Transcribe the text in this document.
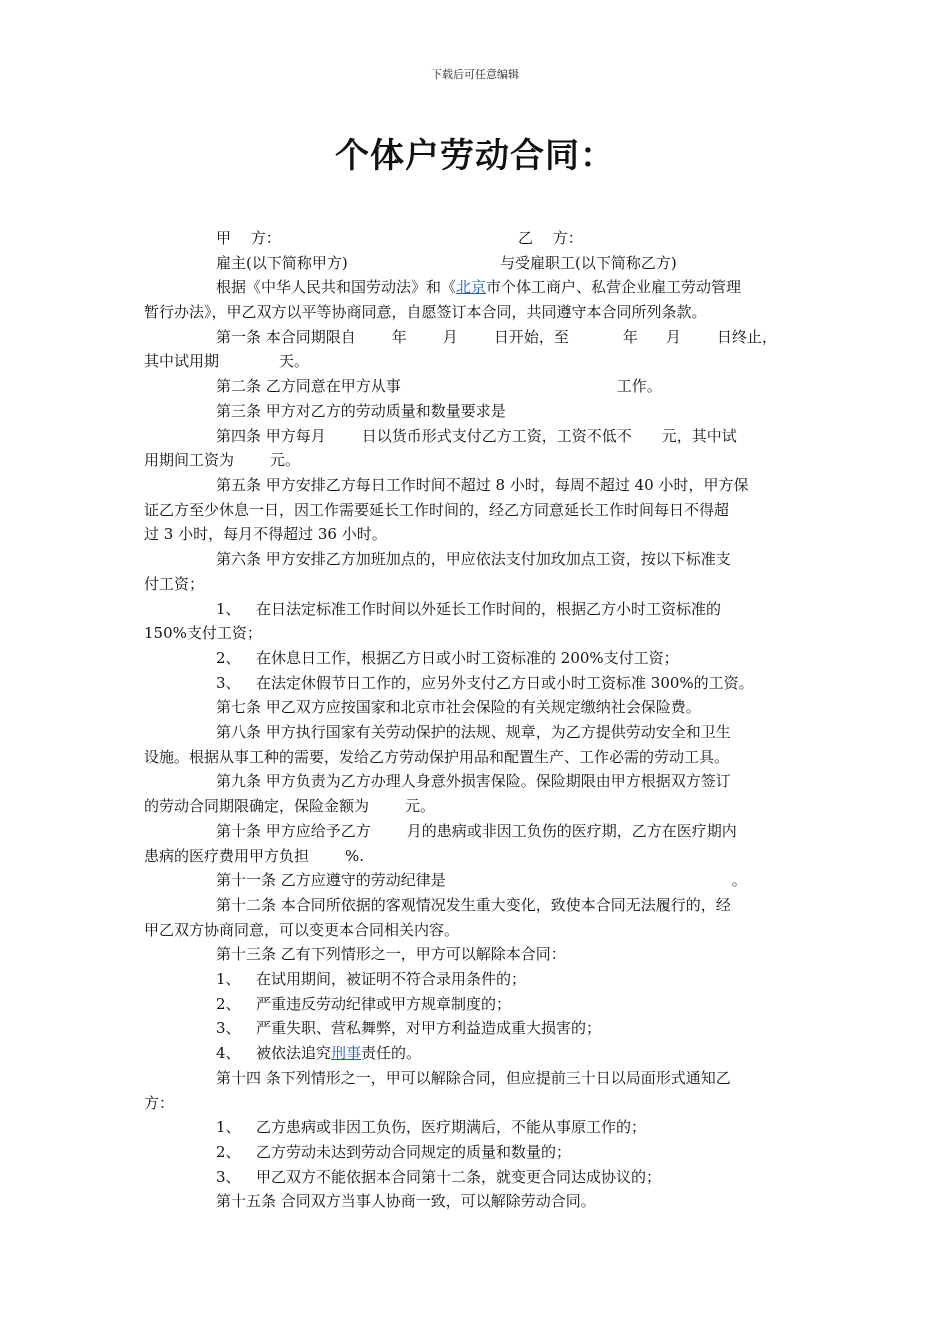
下载后可任意编辑
个体户劳动合同：
甲　 方：	乙　 方：
雇主(以下简称甲方)	与受雇职工(以下简称乙方)
根据《中华人民共和国劳动法》和《北京市个体工商户、私营企业雇工劳动管理
暂行办法》，甲乙双方以平等协商同意，自愿签订本合同，共同遵守本合同所列条款。
第一条 本合同期限自 年 月 日开始，至	年 月 日终止，
其中试用期	天。
第二条 乙方同意在甲方从事	工作。
第三条 甲方对乙方的劳动质量和数量要求是
第四条 甲方每月 日以货币形式支付乙方工资，工资不低不 元，其中试
用期间工资为 元。
第五条 甲方安排乙方每日工作时间不超过 8 小时，每周不超过 40 小时，甲方保
证乙方至少休息一日，因工作需要延长工作时间的，经乙方同意延长工作时间每日不得超
过 3 小时，每月不得超过 36 小时。
第六条 甲方安排乙方加班加点的，甲应依法支付加玫加点工资，按以下标准支
付工资；
1、 在日法定标准工作时间以外延长工作时间的，根据乙方小时工资标准的
150%支付工资；
2、 在休息日工作，根据乙方日或小时工资标准的 200%支付工资；
3、 在法定休假节日工作的，应另外支付乙方日或小时工资标准 300%的工资。
第七条 甲乙双方应按国家和北京市社会保险的有关规定缴纳社会保险费。
第八条 甲方执行国家有关劳动保护的法规、规章，为乙方提供劳动安全和卫生
设施。根据从事工种的需要，发给乙方劳动保护用品和配置生产、工作必需的劳动工具。
第九条 甲方负责为乙方办理人身意外损害保险。保险期限由甲方根据双方签订
的劳动合同期限确定，保险金额为 元。
第十条 甲方应给予乙方 月的患病或非因工负伤的医疗期，乙方在医疗期内
患病的医疗费用甲方负担 %.
第十一条 乙方应遵守的劳动纪律是	。
第十二条 本合同所依据的客观情况发生重大变化，致使本合同无法履行的，经
甲乙双方协商同意，可以变更本合同相关内容。
第十三条 乙有下列情形之一，甲方可以解除本合同：
1、 在试用期间，被证明不符合录用条件的；
2、 严重违反劳动纪律或甲方规章制度的；
3、 严重失职、营私舞弊，对甲方利益造成重大损害的；
4、 被依法追究刑事责任的。
第十四 条下列情形之一，甲可以解除合同，但应提前三十日以局面形式通知乙
方：
1、 乙方患病或非因工负伤，医疗期满后，不能从事原工作的；
2、 乙方劳动未达到劳动合同规定的质量和数量的；
3、 甲乙双方不能依据本合同第十二条，就变更合同达成协议的；
第十五条 合同双方当事人协商一致，可以解除劳动合同。
